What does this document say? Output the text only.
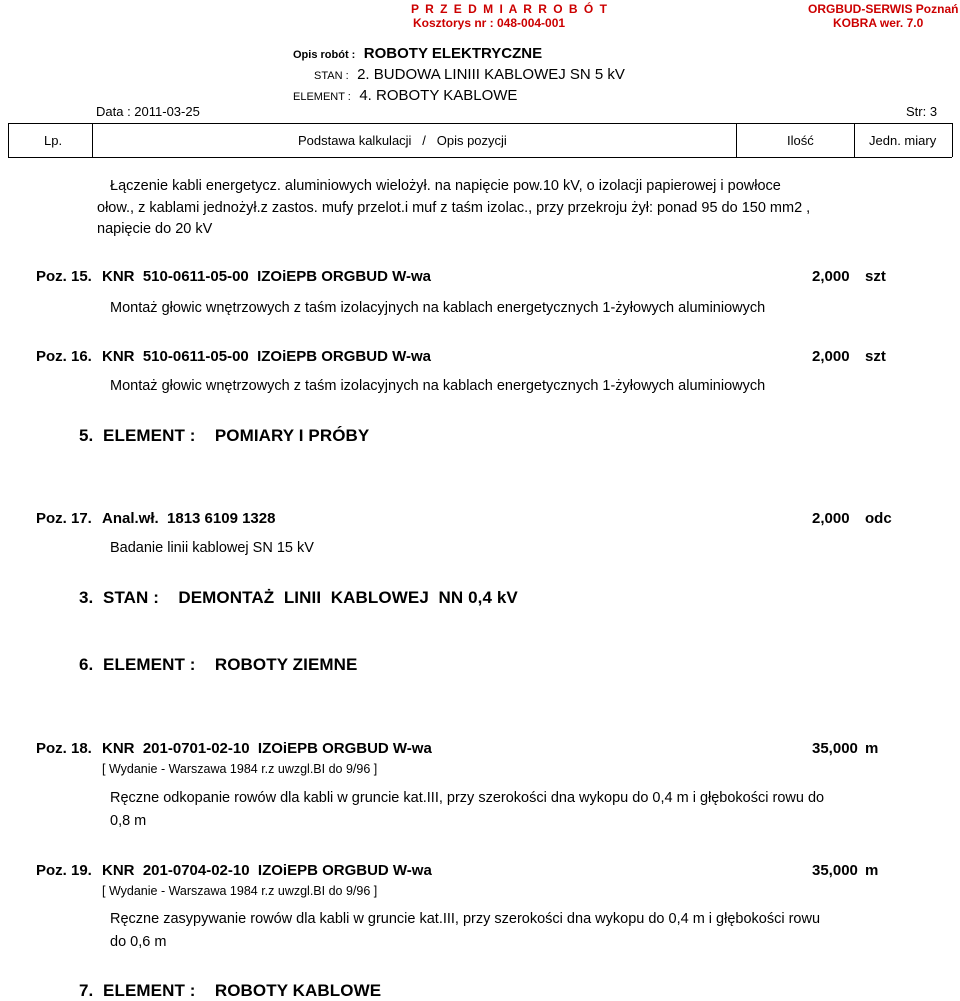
P R Z E D M I A R R O B Ó T
Kosztorys nr : 048-004-001
ORGBUD-SERWIS Poznań
KOBRA wer. 7.0
Opis robót : ROBOTY ELEKTRYCZNE
STAN : 2. BUDOWA LINIII KABLOWEJ SN 5 kV
ELEMENT : 4. ROBOTY KABLOWE
Data : 2011-03-25	Str: 3
Lp.	Podstawa kalkulacji   /   Opis pozycji	Ilość	Jedn. miary
Łączenie kabli energetycz. aluminiowych wielożył. na napięcie pow.10 kV, o izolacji papierowej i powłoce
ołow., z kablami jednożył.z zastos. mufy przelot.i muf z taśm izolac., przy przekroju żył: ponad 95 do 150 mm2 ,
napięcie do 20 kV
Poz. 15. KNR  510-0611-05-00  IZOiEPB ORGBUD W-wa	2,000 szt
Montaż głowic wnętrzowych z taśm izolacyjnych na kablach energetycznych 1-żyłowych aluminiowych
Poz. 16. KNR  510-0611-05-00  IZOiEPB ORGBUD W-wa	2,000 szt
Montaż głowic wnętrzowych z taśm izolacyjnych na kablach energetycznych 1-żyłowych aluminiowych
5.  ELEMENT :    POMIARY I PRÓBY
Poz. 17. Anal.wł.  1813 6109 1328	2,000 odc
Badanie linii kablowej SN 15 kV
3.  STAN :    DEMONTAŻ  LINII  KABLOWEJ  NN 0,4 kV
6.  ELEMENT :    ROBOTY ZIEMNE
Poz. 18. KNR  201-0701-02-10  IZOiEPB ORGBUD W-wa	35,000 m
[ Wydanie - Warszawa 1984 r.z uwzgl.BI do 9/96 ]
Ręczne odkopanie rowów dla kabli w gruncie kat.III, przy szerokości dna wykopu do 0,4 m i głębokości rowu do
0,8 m
Poz. 19. KNR  201-0704-02-10  IZOiEPB ORGBUD W-wa	35,000 m
[ Wydanie - Warszawa 1984 r.z uwzgl.BI do 9/96 ]
Ręczne zasypywanie rowów dla kabli w gruncie kat.III, przy szerokości dna wykopu do 0,4 m i głębokości rowu
do 0,6 m
7.  ELEMENT :    ROBOTY KABLOWE
